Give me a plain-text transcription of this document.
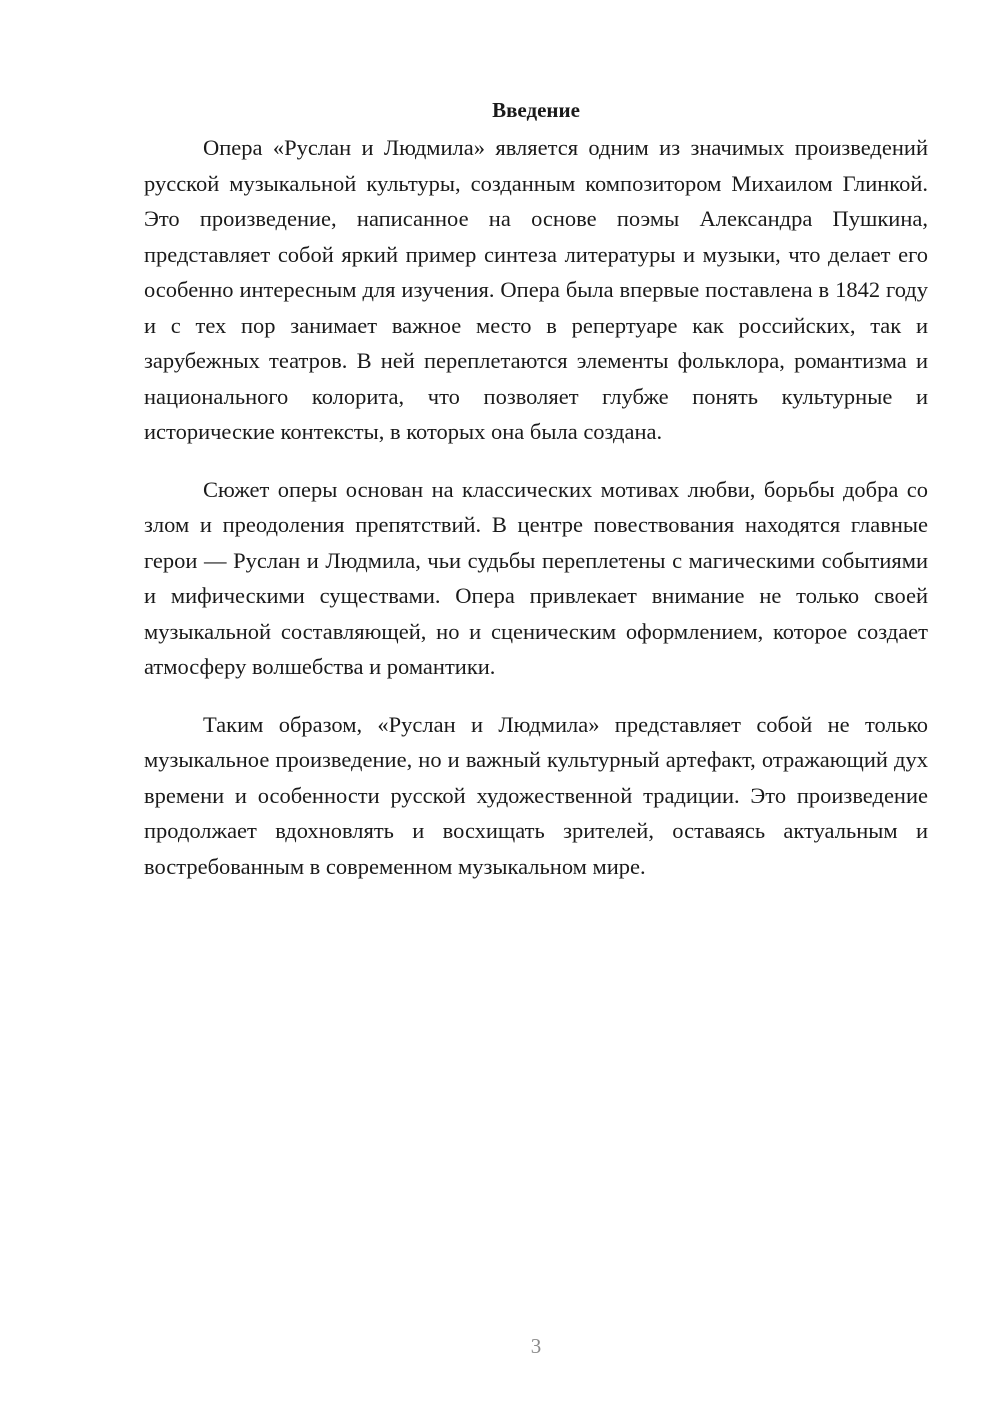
Введение

Опера «Руслан и Людмила» является одним из значимых произведений русской музыкальной культуры, созданным композитором Михаилом Глинкой. Это произведение, написанное на основе поэмы Александра Пушкина, представляет собой яркий пример синтеза литературы и музыки, что делает его особенно интересным для изучения. Опера была впервые поставлена в 1842 году и с тех пор занимает важное место в репертуаре как российских, так и зарубежных театров. В ней переплетаются элементы фольклора, романтизма и национального колорита, что позволяет глубже понять культурные и исторические контексты, в которых она была создана.

Сюжет оперы основан на классических мотивах любви, борьбы добра со злом и преодоления препятствий. В центре повествования находятся главные герои — Руслан и Людмила, чьи судьбы переплетены с магическими событиями и мифическими существами. Опера привлекает внимание не только своей музыкальной составляющей, но и сценическим оформлением, которое создает атмосферу волшебства и романтики.

Таким образом, «Руслан и Людмила» представляет собой не только музыкальное произведение, но и важный культурный артефакт, отражающий дух времени и особенности русской художественной традиции. Это произведение продолжает вдохновлять и восхищать зрителей, оставаясь актуальным и востребованным в современном музыкальном мире.

3
